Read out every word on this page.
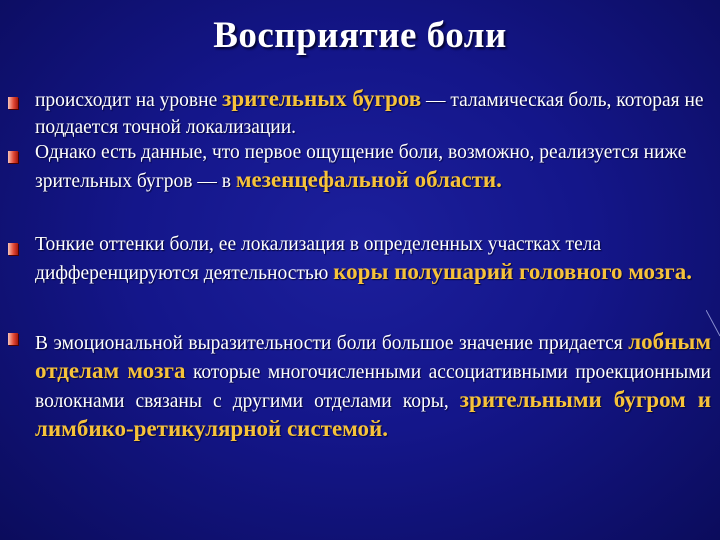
Восприятие боли
происходит на уровне зрительных бугров — таламическая боль, которая не поддается точной локализации.
Однако есть данные, что первое ощущение боли, возможно, реализуется ниже зрительных бугров — в мезенцефальной области.
Тонкие оттенки боли, ее локализация в определенных участках тела дифференцируются деятельностью коры полушарий головного мозга.
В эмоциональной выразительности боли большое значение придается лобным отделам мозга которые многочисленными ассоциативными проекционными волокнами связаны с другими отделами коры, зрительными бугром и лимбико-ретикулярной системой.
